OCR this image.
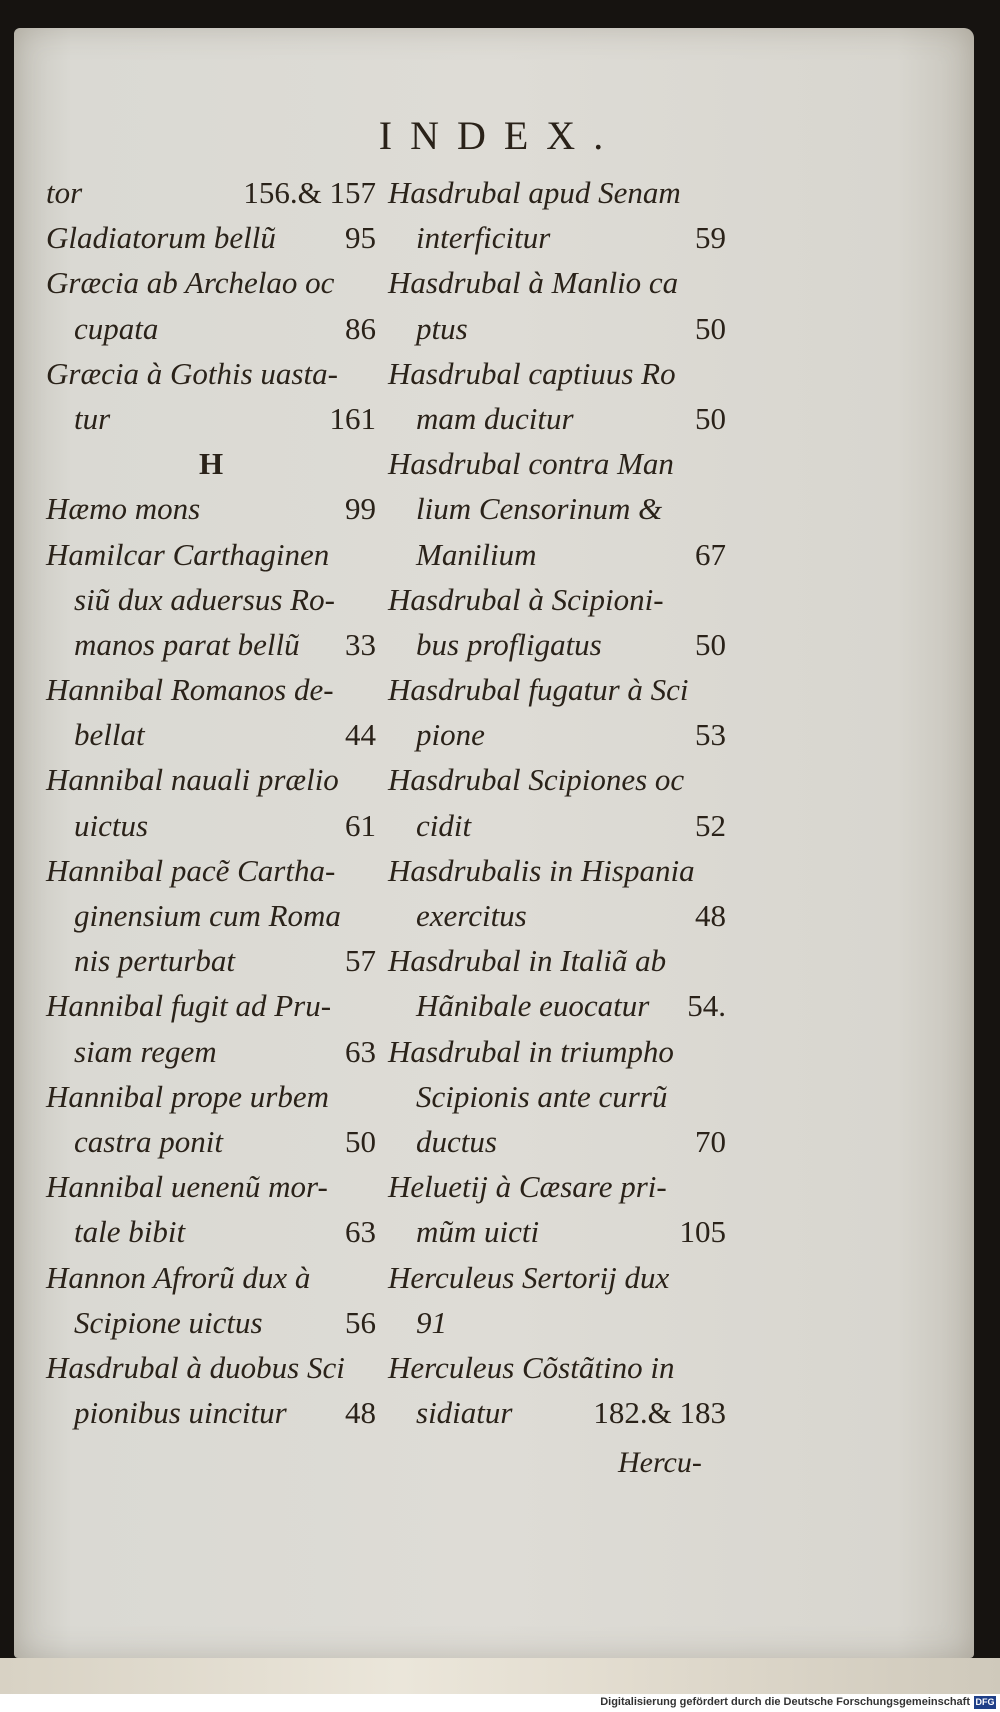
INDEX.
tor	156.& 157
Gladiatorum bellũ 95
Græcia ab Archelao oc
cupata	86
Græcia à Gothis uasta-
tur	161
H
Hæmo mons	99
Hamilcar Carthaginen
siũ dux aduersus Ro-
manos parat bellũ 33
Hannibal Romanos de-
bellat	44
Hannibal nauali prælio
uictus	61
Hannibal pacẽ Cartha-
ginensium cum Roma
nis perturbat	57
Hannibal fugit ad Pru-
siam regem	63
Hannibal prope urbem
castra ponit	50
Hannibal uenenũ mor-
tale bibit	63
Hannon Afrorũ dux à
Scipione uictus	56
Hasdrubal à duobus Sci
pionibus uincitur 48
Hasdrubal apud Senam
interficitur	59
Hasdrubal à Manlio ca
ptus	50
Hasdrubal captiuus Ro
mam ducitur	50
Hasdrubal contra Man
lium Censorinum &
Manilium	67
Hasdrubal à Scipioni-
bus profligatus	50
Hasdrubal fugatur à Sci
pione	53
Hasdrubal Scipiones oc
cidit	52
Hasdrubalis in Hispania
exercitus	48
Hasdrubal in Italiã ab
Hãnibale euocatur 54.
Hasdrubal in triumpho
Scipionis ante currũ
ductus	70
Heluetij à Cæsare pri-
mũm uicti	105
Herculeus Sertorij dux
91
Herculeus Cõstãtino in
sidiatur	182.& 183
Hercu-
Digitalisierung gefördert durch die Deutsche Forschungsgemeinschaft DFG
